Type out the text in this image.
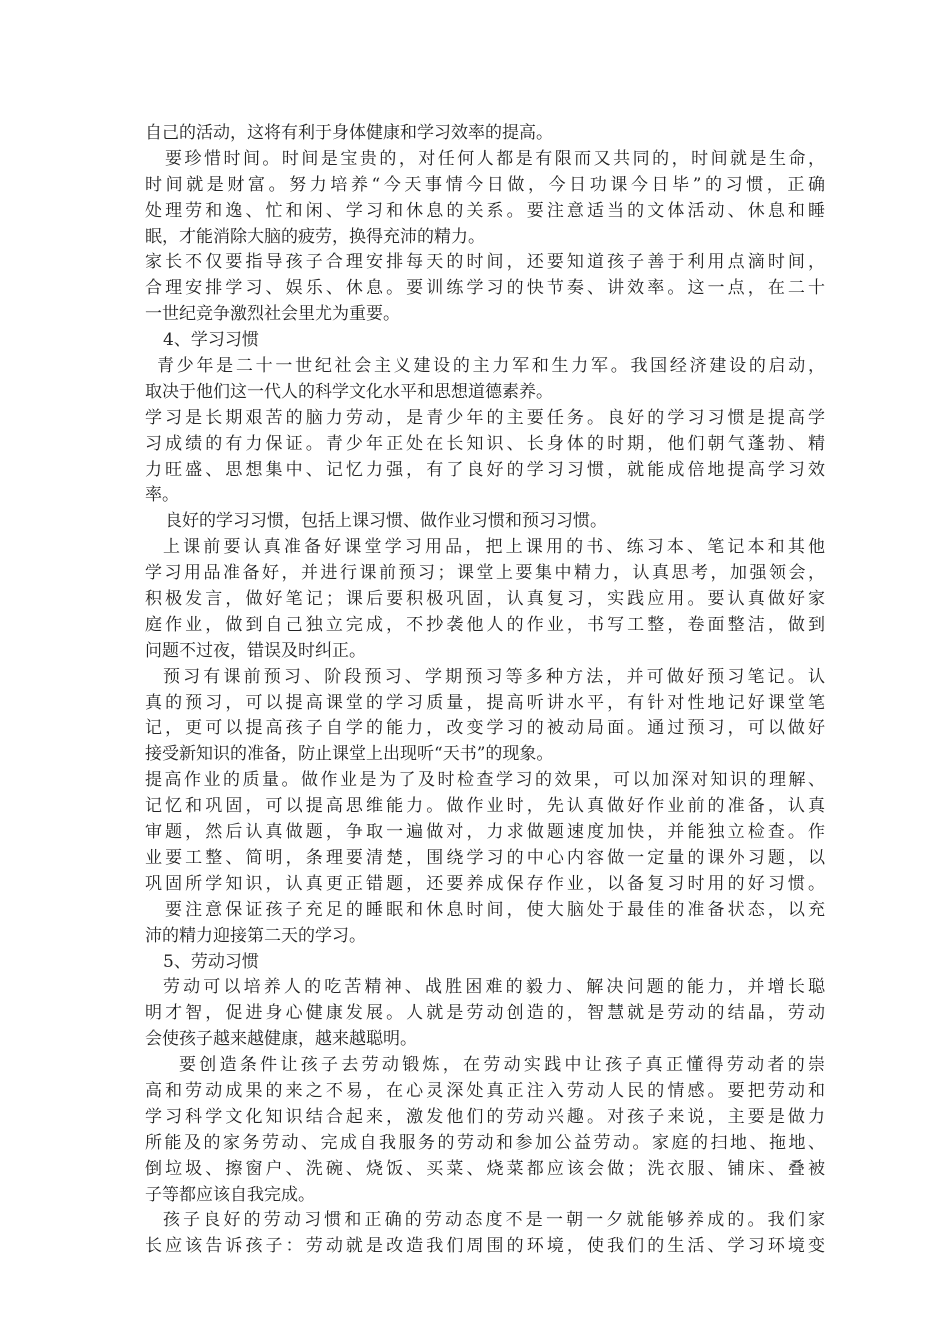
自己的活动，这将有利于身体健康和学习效率的提高。
要珍惜时间。时间是宝贵的，对任何人都是有限而又共同的，时间就是生命，
时间就是财富。努力培养“今天事情今日做，今日功课今日毕”的习惯，正确
处理劳和逸、忙和闲、学习和休息的关系。要注意适当的文体活动、休息和睡
眠，才能消除大脑的疲劳，换得充沛的精力。
家长不仅要指导孩子合理安排每天的时间，还要知道孩子善于利用点滴时间，
合理安排学习、娱乐、休息。要训练学习的快节奏、讲效率。这一点，在二十
一世纪竞争激烈社会里尤为重要。
4、学习习惯
青少年是二十一世纪社会主义建设的主力军和生力军。我国经济建设的启动，
取决于他们这一代人的科学文化水平和思想道德素养。
学习是长期艰苦的脑力劳动，是青少年的主要任务。良好的学习习惯是提高学
习成绩的有力保证。青少年正处在长知识、长身体的时期，他们朝气蓬勃、精
力旺盛、思想集中、记忆力强，有了良好的学习习惯，就能成倍地提高学习效
率。
良好的学习习惯，包括上课习惯、做作业习惯和预习习惯。
上课前要认真准备好课堂学习用品，把上课用的书、练习本、笔记本和其他
学习用品准备好，并进行课前预习；课堂上要集中精力，认真思考，加强领会，
积极发言，做好笔记；课后要积极巩固，认真复习，实践应用。要认真做好家
庭作业，做到自己独立完成，不抄袭他人的作业，书写工整，卷面整洁，做到
问题不过夜，错误及时纠正。
预习有课前预习、阶段预习、学期预习等多种方法，并可做好预习笔记。认
真的预习，可以提高课堂的学习质量，提高听讲水平，有针对性地记好课堂笔
记，更可以提高孩子自学的能力，改变学习的被动局面。通过预习，可以做好
接受新知识的准备，防止课堂上出现听“天书”的现象。
提高作业的质量。做作业是为了及时检查学习的效果，可以加深对知识的理解、
记忆和巩固，可以提高思维能力。做作业时，先认真做好作业前的准备，认真
审题，然后认真做题，争取一遍做对，力求做题速度加快，并能独立检查。作
业要工整、简明，条理要清楚，围绕学习的中心内容做一定量的课外习题，以
巩固所学知识，认真更正错题，还要养成保存作业，以备复习时用的好习惯。
要注意保证孩子充足的睡眠和休息时间，使大脑处于最佳的准备状态，以充
沛的精力迎接第二天的学习。
5、劳动习惯
劳动可以培养人的吃苦精神、战胜困难的毅力、解决问题的能力，并增长聪
明才智，促进身心健康发展。人就是劳动创造的，智慧就是劳动的结晶，劳动
会使孩子越来越健康，越来越聪明。
要创造条件让孩子去劳动锻炼，在劳动实践中让孩子真正懂得劳动者的崇
高和劳动成果的来之不易，在心灵深处真正注入劳动人民的情感。要把劳动和
学习科学文化知识结合起来，激发他们的劳动兴趣。对孩子来说，主要是做力
所能及的家务劳动、完成自我服务的劳动和参加公益劳动。家庭的扫地、拖地、
倒垃圾、擦窗户、洗碗、烧饭、买菜、烧菜都应该会做；洗衣服、铺床、叠被
子等都应该自我完成。
孩子良好的劳动习惯和正确的劳动态度不是一朝一夕就能够养成的。我们家
长应该告诉孩子：劳动就是改造我们周围的环境，使我们的生活、学习环境变
